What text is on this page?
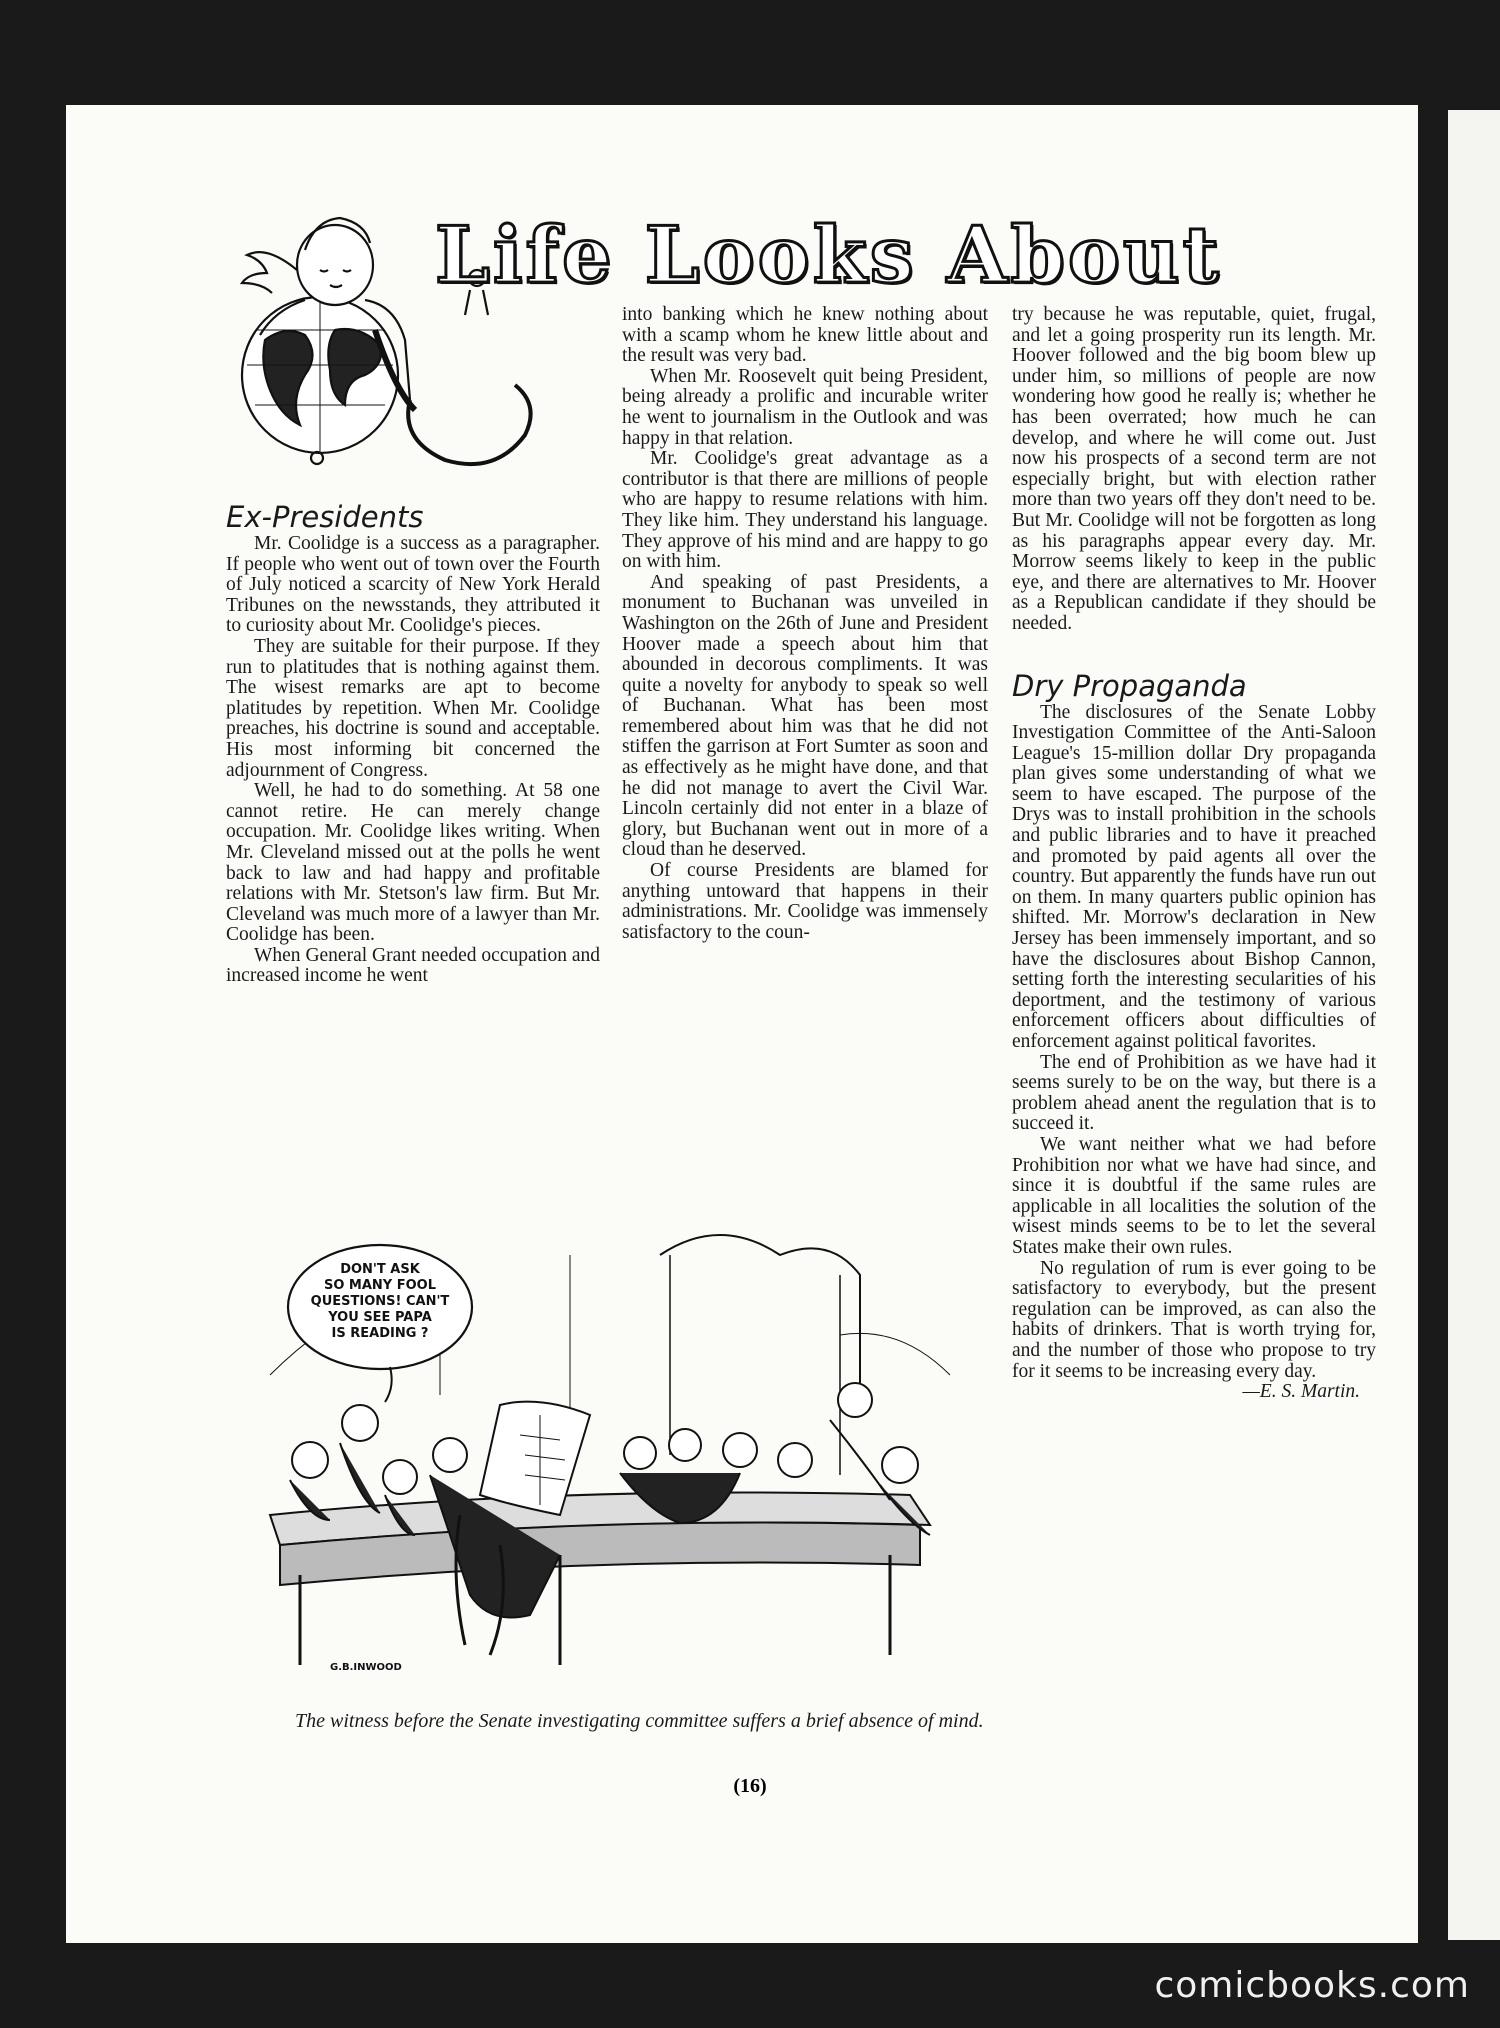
Life Looks About

Ex-Presidents

Mr. Coolidge is a success as a paragrapher. If people who went out of town over the Fourth of July noticed a scarcity of New York Herald Tribunes on the newsstands, they attributed it to curiosity about Mr. Coolidge's pieces.

They are suitable for their purpose. If they run to platitudes that is nothing against them. The wisest remarks are apt to become platitudes by repetition. When Mr. Coolidge preaches, his doctrine is sound and acceptable. His most informing bit concerned the adjournment of Congress.

Well, he had to do something. At 58 one cannot retire. He can merely change occupation. Mr. Coolidge likes writing. When Mr. Cleveland missed out at the polls he went back to law and had happy and profitable relations with Mr. Stetson's law firm. But Mr. Cleveland was much more of a lawyer than Mr. Coolidge has been.

When General Grant needed occupation and increased income he went

into banking which he knew nothing about with a scamp whom he knew little about and the result was very bad.

When Mr. Roosevelt quit being President, being already a prolific and incurable writer he went to journalism in the Outlook and was happy in that relation.

Mr. Coolidge's great advantage as a contributor is that there are millions of people who are happy to resume relations with him. They like him. They understand his language. They approve of his mind and are happy to go on with him.

And speaking of past Presidents, a monument to Buchanan was unveiled in Washington on the 26th of June and President Hoover made a speech about him that abounded in decorous compliments. It was quite a novelty for anybody to speak so well of Buchanan. What has been most remembered about him was that he did not stiffen the garrison at Fort Sumter as soon and as effectively as he might have done, and that he did not manage to avert the Civil War. Lincoln certainly did not enter in a blaze of glory, but Buchanan went out in more of a cloud than he deserved.

Of course Presidents are blamed for anything untoward that happens in their administrations. Mr. Coolidge was immensely satisfactory to the coun-

try because he was reputable, quiet, frugal, and let a going prosperity run its length. Mr. Hoover followed and the big boom blew up under him, so millions of people are now wondering how good he really is; whether he has been overrated; how much he can develop, and where he will come out. Just now his prospects of a second term are not especially bright, but with election rather more than two years off they don't need to be. But Mr. Coolidge will not be forgotten as long as his paragraphs appear every day. Mr. Morrow seems likely to keep in the public eye, and there are alternatives to Mr. Hoover as a Republican candidate if they should be needed.

Dry Propaganda

The disclosures of the Senate Lobby Investigation Committee of the Anti-Saloon League's 15-million dollar Dry propaganda plan gives some understanding of what we seem to have escaped. The purpose of the Drys was to install prohibition in the schools and public libraries and to have it preached and promoted by paid agents all over the country. But apparently the funds have run out on them. In many quarters public opinion has shifted. Mr. Morrow's declaration in New Jersey has been immensely important, and so have the disclosures about Bishop Cannon, setting forth the interesting secularities of his deportment, and the testimony of various enforcement officers about difficulties of enforcement against political favorites.

The end of Prohibition as we have had it seems surely to be on the way, but there is a problem ahead anent the regulation that is to succeed it.

We want neither what we had before Prohibition nor what we have had since, and since it is doubtful if the same rules are applicable in all localities the solution of the wisest minds seems to be to let the several States make their own rules.

No regulation of rum is ever going to be satisfactory to everybody, but the present regulation can be improved, as can also the habits of drinkers. That is worth trying for, and the number of those who propose to try for it seems to be increasing every day.

—E. S. Martin.

DON'T ASK
SO MANY FOOL
QUESTIONS! CAN'T
YOU SEE PAPA
IS READING ?
G.B.INWOOD
The witness before the Senate investigating committee suffers a brief absence of mind.
(16)
comicbooks.com
